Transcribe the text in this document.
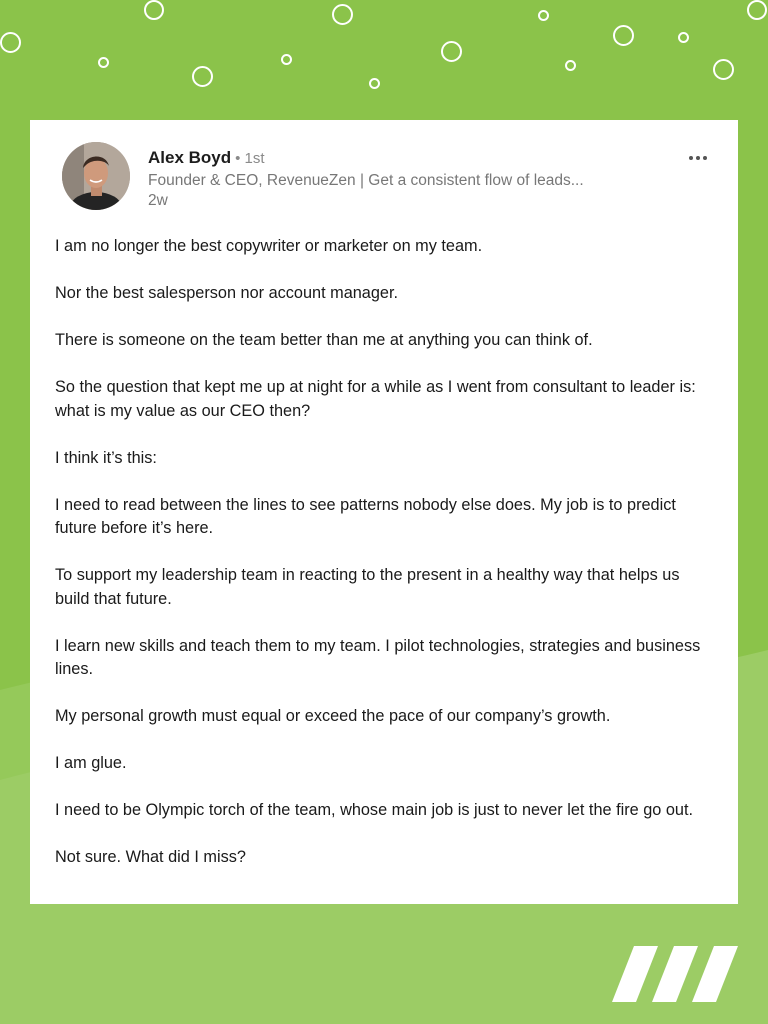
Alex Boyd • 1st
Founder & CEO, RevenueZen | Get a consistent flow of leads...
2w

I am no longer the best copywriter or marketer on my team.

Nor the best salesperson nor account manager.

There is someone on the team better than me at anything you can think of.

So the question that kept me up at night for a while as I went from consultant to leader is: what is my value as our CEO then?

I think it’s this:

I need to read between the lines to see patterns nobody else does. My job is to predict future before it’s here.

To support my leadership team in reacting to the present in a healthy way that helps us build that future.

I learn new skills and teach them to my team. I pilot technologies, strategies and business lines.

My personal growth must equal or exceed the pace of our company’s growth.

I am glue.

I need to be Olympic torch of the team, whose main job is just to never let the fire go out.

Not sure. What did I miss?
